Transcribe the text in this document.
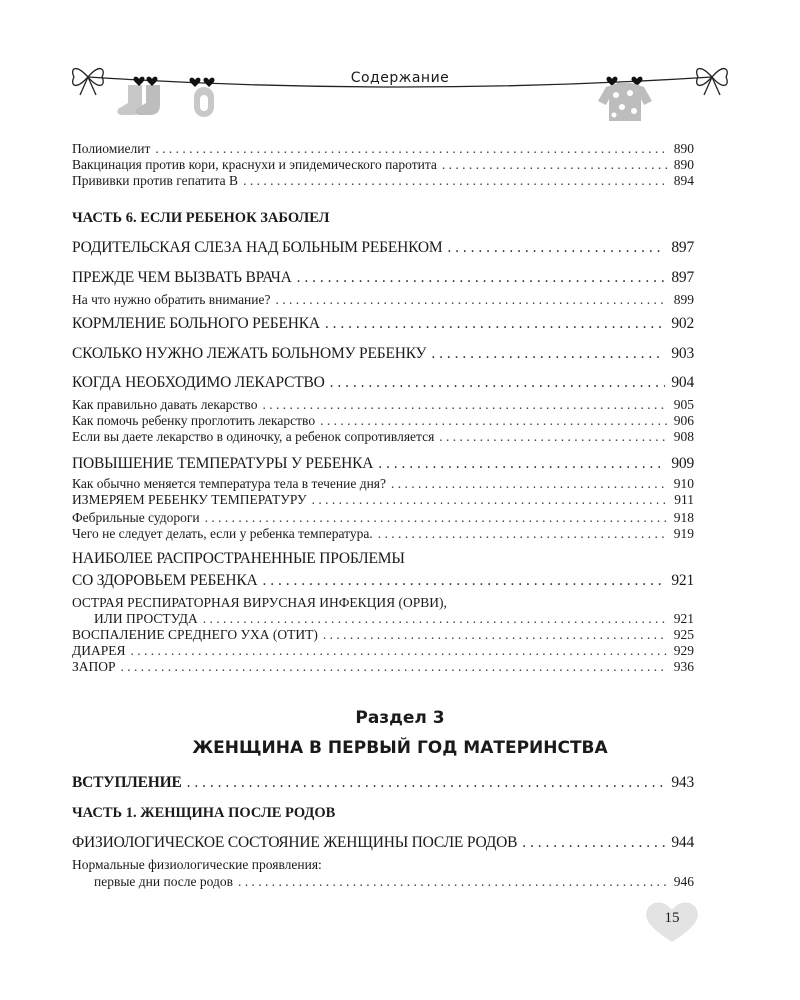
Содержание
Полиомиелит . . .	890
Вакцинация против кори, краснухи и эпидемического паротита . . .	890
Прививки против гепатита В . . .	894
ЧАСТЬ 6. ЕСЛИ РЕБЕНОК ЗАБОЛЕЛ
РОДИТЕЛЬСКАЯ СЛЕЗА НАД БОЛЬНЫМ РЕБЕНКОМ . . .	897
ПРЕЖДЕ ЧЕМ ВЫЗВАТЬ ВРАЧА . . .	897
На что нужно обратить внимание? . . .	899
КОРМЛЕНИЕ БОЛЬНОГО РЕБЕНКА . . .	902
СКОЛЬКО НУЖНО ЛЕЖАТЬ БОЛЬНОМУ РЕБЕНКУ . . .	903
КОГДА НЕОБХОДИМО ЛЕКАРСТВО . . .	904
Как правильно давать лекарство . . .	905
Как помочь ребенку проглотить лекарство . . .	906
Если вы даете лекарство в одиночку, а ребенок сопротивляется . . .	908
ПОВЫШЕНИЕ ТЕМПЕРАТУРЫ У РЕБЕНКА . . .	909
Как обычно меняется температура тела в течение дня? . . .	910
ИЗМЕРЯЕМ РЕБЕНКУ ТЕМПЕРАТУРУ . . .	911
Фебрильные судороги . . .	918
Чего не следует делать, если у ребенка температура. . . .	919
НАИБОЛЕЕ РАСПРОСТРАНЕННЫЕ ПРОБЛЕМЫ
СО ЗДОРОВЬЕМ РЕБЕНКА . . .	921
ОСТРАЯ РЕСПИРАТОРНАЯ ВИРУСНАЯ ИНФЕКЦИЯ (ОРВИ),
ИЛИ ПРОСТУДА . . .	921
ВОСПАЛЕНИЕ СРЕДНЕГО УХА (ОТИТ) . . .	925
ДИАРЕЯ . . .	929
ЗАПОР . . .	936
Раздел 3
ЖЕНЩИНА В ПЕРВЫЙ ГОД МАТЕРИНСТВА
ВСТУПЛЕНИЕ . . .	943
ЧАСТЬ 1. ЖЕНЩИНА ПОСЛЕ РОДОВ
ФИЗИОЛОГИЧЕСКОЕ СОСТОЯНИЕ ЖЕНЩИНЫ ПОСЛЕ РОДОВ . . .	944
Нормальные физиологические проявления:
первые дни после родов . . .	946
15
